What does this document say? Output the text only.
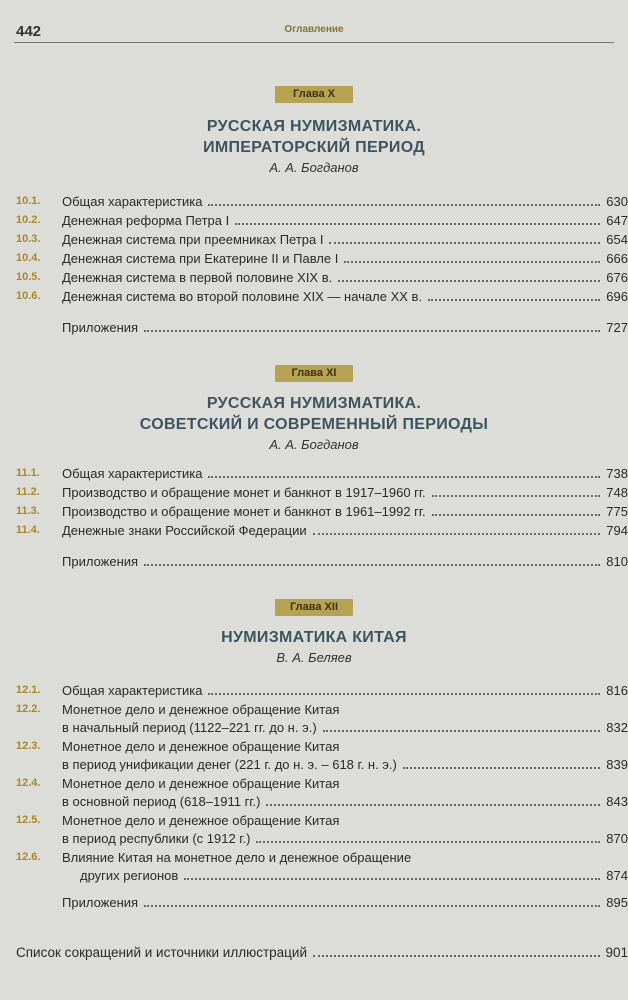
442	Оглавление
Глава X
РУССКАЯ НУМИЗМАТИКА.
ИМПЕРАТОРСКИЙ ПЕРИОД
А. А. Богданов
10.1.	Общая характеристика	630
10.2.	Денежная реформа Петра I	647
10.3.	Денежная система при преемниках Петра I	654
10.4.	Денежная система при Екатерине II и Павле I	666
10.5.	Денежная система в первой половине XIX в.	676
10.6.	Денежная система во второй половине XIX — начале XX в.	696
Приложения	727
Глава XI
РУССКАЯ НУМИЗМАТИКА.
СОВЕТСКИЙ И СОВРЕМЕННЫЙ ПЕРИОДЫ
А. А. Богданов
11.1.	Общая характеристика	738
11.2.	Производство и обращение монет и банкнот в 1917–1960 гг.	748
11.3.	Производство и обращение монет и банкнот в 1961–1992 гг.	775
11.4.	Денежные знаки Российской Федерации	794
Приложения	810
Глава XII
НУМИЗМАТИКА КИТАЯ
В. А. Беляев
12.1.	Общая характеристика	816
12.2.	Монетное дело и денежное обращение Китая
в начальный период (1122–221 гг. до н. э.)	832
12.3.	Монетное дело и денежное обращение Китая
в период унификации денег (221 г. до н. э. – 618 г. н. э.)	839
12.4.	Монетное дело и денежное обращение Китая
в основной период (618–1911 гг.)	843
12.5.	Монетное дело и денежное обращение Китая
в период республики (с 1912 г.)	870
12.6.	Влияние Китая на монетное дело и денежное обращение
других регионов	874
Приложения	895
Список сокращений и источники иллюстраций	901
